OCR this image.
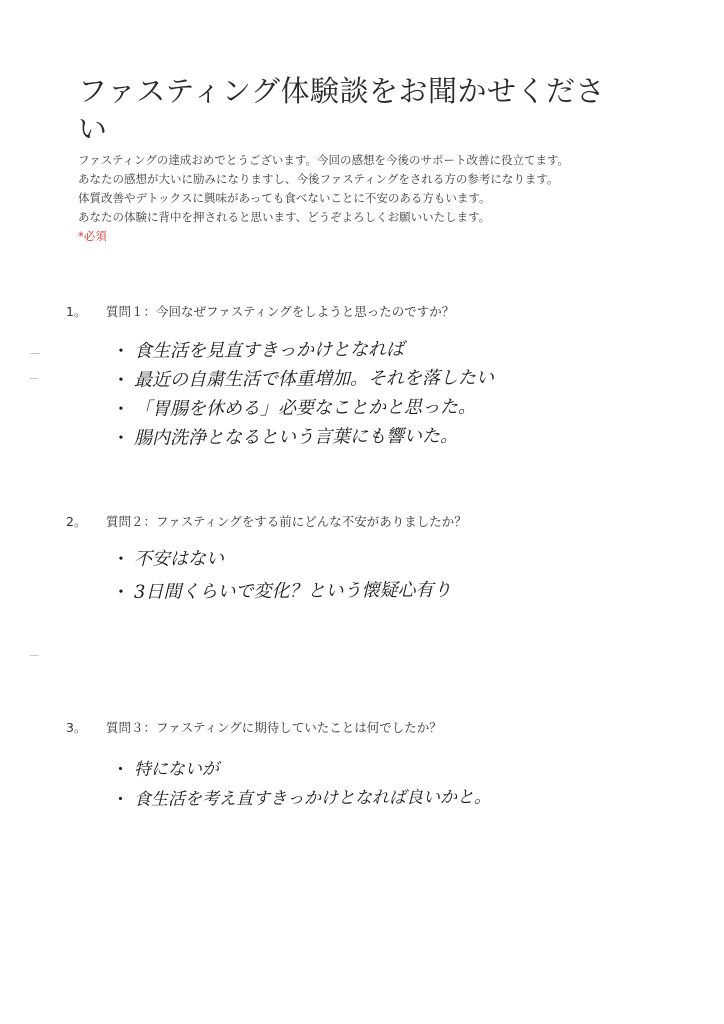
ファスティング体験談をお聞かせください

ファスティングの達成おめでとうございます。今回の感想を今後のサポート改善に役立てます。

あなたの感想が大いに励みになりますし、今後ファスティングをされる方の参考になります。

体質改善やデトックスに興味があっても食べないことに不安のある方もいます。

あなたの体験に背中を押されると思います、どうぞよろしくお願いいたします。

*必須

1。 質問１：今回なぜファスティングをしようと思ったのですか？
・ 食生活を見直すきっかけとなれば
・ 最近の自粛生活で体重増加。それを落したい
・ 「胃腸を休める」必要なことかと思った。
・ 腸内洗浄となるという言葉にも響いた。
2。 質問２：ファスティングをする前にどんな不安がありましたか？
・ 不安はない
・ 3日間くらいで変化？という懐疑心有り
3。 質問３：ファスティングに期待していたことは何でしたか？
・ 特にないが
・ 食生活を考え直すきっかけとなれば良いかと。
